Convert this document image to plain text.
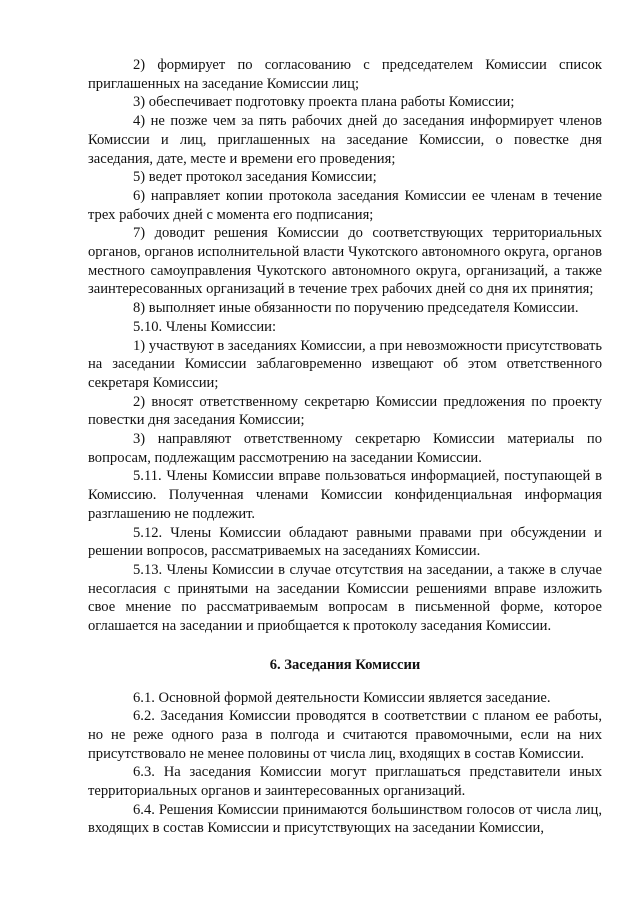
2) формирует по согласованию с председателем Комиссии список приглашенных на заседание Комиссии лиц;

3) обеспечивает подготовку проекта плана работы Комиссии;

4) не позже чем за пять рабочих дней до заседания информирует членов Комиссии и лиц, приглашенных на заседание Комиссии, о повестке дня заседания, дате, месте и времени его проведения;

5) ведет протокол заседания Комиссии;

6) направляет копии протокола заседания Комиссии ее членам в течение трех рабочих дней с момента его подписания;

7) доводит решения Комиссии до соответствующих территориальных органов, органов исполнительной власти Чукотского автономного округа, органов местного самоуправления Чукотского автономного округа, организаций, а также заинтересованных организаций в течение трех рабочих дней со дня их принятия;

8) выполняет иные обязанности по поручению председателя Комиссии.

5.10. Члены Комиссии:

1) участвуют в заседаниях Комиссии, а при невозможности присутствовать на заседании Комиссии заблаговременно извещают об этом ответственного секретаря Комиссии;

2) вносят ответственному секретарю Комиссии предложения по проекту повестки дня заседания Комиссии;

3) направляют ответственному секретарю Комиссии материалы по вопросам, подлежащим рассмотрению на заседании Комиссии.

5.11. Члены Комиссии вправе пользоваться информацией, поступающей в Комиссию. Полученная членами Комиссии конфиденциальная информация разглашению не подлежит.

5.12. Члены Комиссии обладают равными правами при обсуждении и решении вопросов, рассматриваемых на заседаниях Комиссии.

5.13. Члены Комиссии в случае отсутствия на заседании, а также в случае несогласия с принятыми на заседании Комиссии решениями вправе изложить свое мнение по рассматриваемым вопросам в письменной форме, которое оглашается на заседании и приобщается к протоколу заседания Комиссии.

6. Заседания Комиссии

6.1. Основной формой деятельности Комиссии является заседание.

6.2. Заседания Комиссии проводятся в соответствии с планом ее работы, но не реже одного раза в полгода и считаются правомочными, если на них присутствовало не менее половины от числа лиц, входящих в состав Комиссии.

6.3. На заседания Комиссии могут приглашаться представители иных территориальных органов и заинтересованных организаций.

6.4. Решения Комиссии принимаются большинством голосов от числа лиц, входящих в состав Комиссии и присутствующих на заседании Комиссии,
